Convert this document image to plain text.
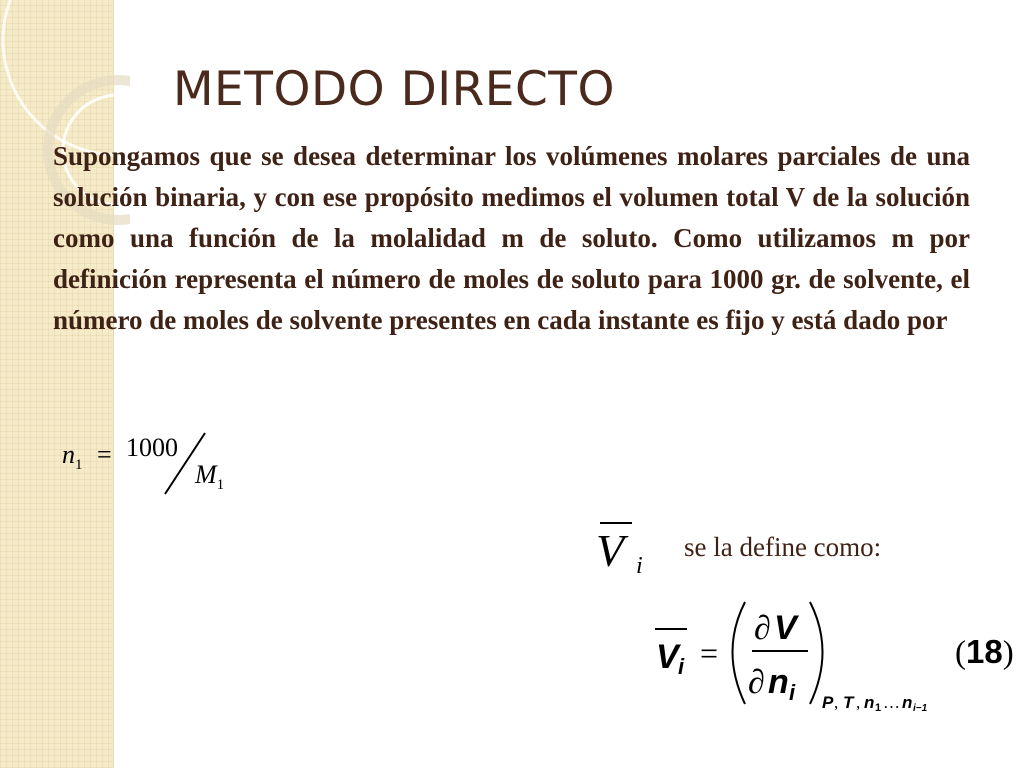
METODO DIRECTO

Supongamos que se desea determinar los volúmenes molares parciales de una solución binaria, y con ese propósito medimos el volumen total V de la solución como una función de la molalidad m de soluto. Como utilizamos m por definición representa el número de moles de soluto para 1000 gr. de solvente, el número de moles de solvente presentes en cada instante es fijo y está dado por

$n_1 = 1000$
$M_1$
V i
se la define como:
V i =
∂ V
∂ n i P , T , n 1 … n i−1
(18)
